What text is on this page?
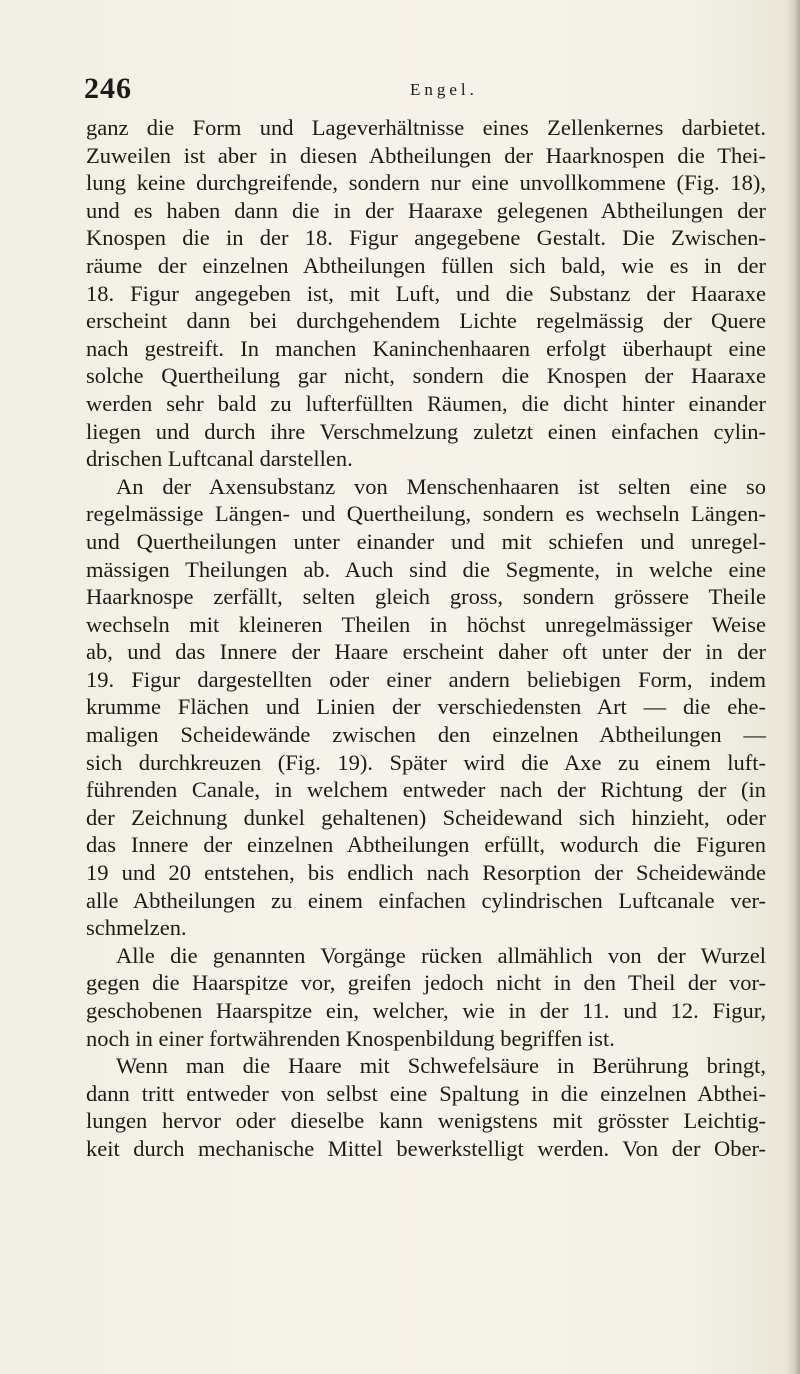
246	Engel.
ganz die Form und Lageverhältnisse eines Zellenkernes darbietet.
Zuweilen ist aber in diesen Abtheilungen der Haarknospen die Thei-
lung keine durchgreifende, sondern nur eine unvollkommene (Fig. 18),
und es haben dann die in der Haaraxe gelegenen Abtheilungen der
Knospen die in der 18. Figur angegebene Gestalt. Die Zwischen-
räume der einzelnen Abtheilungen füllen sich bald, wie es in der
18. Figur angegeben ist, mit Luft, und die Substanz der Haaraxe
erscheint dann bei durchgehendem Lichte regelmässig der Quere
nach gestreift. In manchen Kaninchenhaaren erfolgt überhaupt eine
solche Quertheilung gar nicht, sondern die Knospen der Haaraxe
werden sehr bald zu lufterfüllten Räumen, die dicht hinter einander
liegen und durch ihre Verschmelzung zuletzt einen einfachen cylin-
drischen Luftcanal darstellen.
An der Axensubstanz von Menschenhaaren ist selten eine so
regelmässige Längen- und Quertheilung, sondern es wechseln Längen-
und Quertheilungen unter einander und mit schiefen und unregel-
mässigen Theilungen ab. Auch sind die Segmente, in welche eine
Haarknospe zerfällt, selten gleich gross, sondern grössere Theile
wechseln mit kleineren Theilen in höchst unregelmässiger Weise
ab, und das Innere der Haare erscheint daher oft unter der in der
19. Figur dargestellten oder einer andern beliebigen Form, indem
krumme Flächen und Linien der verschiedensten Art — die ehe-
maligen Scheidewände zwischen den einzelnen Abtheilungen —
sich durchkreuzen (Fig. 19). Später wird die Axe zu einem luft-
führenden Canale, in welchem entweder nach der Richtung der (in
der Zeichnung dunkel gehaltenen) Scheidewand sich hinzieht, oder
das Innere der einzelnen Abtheilungen erfüllt, wodurch die Figuren
19 und 20 entstehen, bis endlich nach Resorption der Scheidewände
alle Abtheilungen zu einem einfachen cylindrischen Luftcanale ver-
schmelzen.
Alle die genannten Vorgänge rücken allmählich von der Wurzel
gegen die Haarspitze vor, greifen jedoch nicht in den Theil der vor-
geschobenen Haarspitze ein, welcher, wie in der 11. und 12. Figur,
noch in einer fortwährenden Knospenbildung begriffen ist.
Wenn man die Haare mit Schwefelsäure in Berührung bringt,
dann tritt entweder von selbst eine Spaltung in die einzelnen Abthei-
lungen hervor oder dieselbe kann wenigstens mit grösster Leichtig-
keit durch mechanische Mittel bewerkstelligt werden. Von der Ober-
